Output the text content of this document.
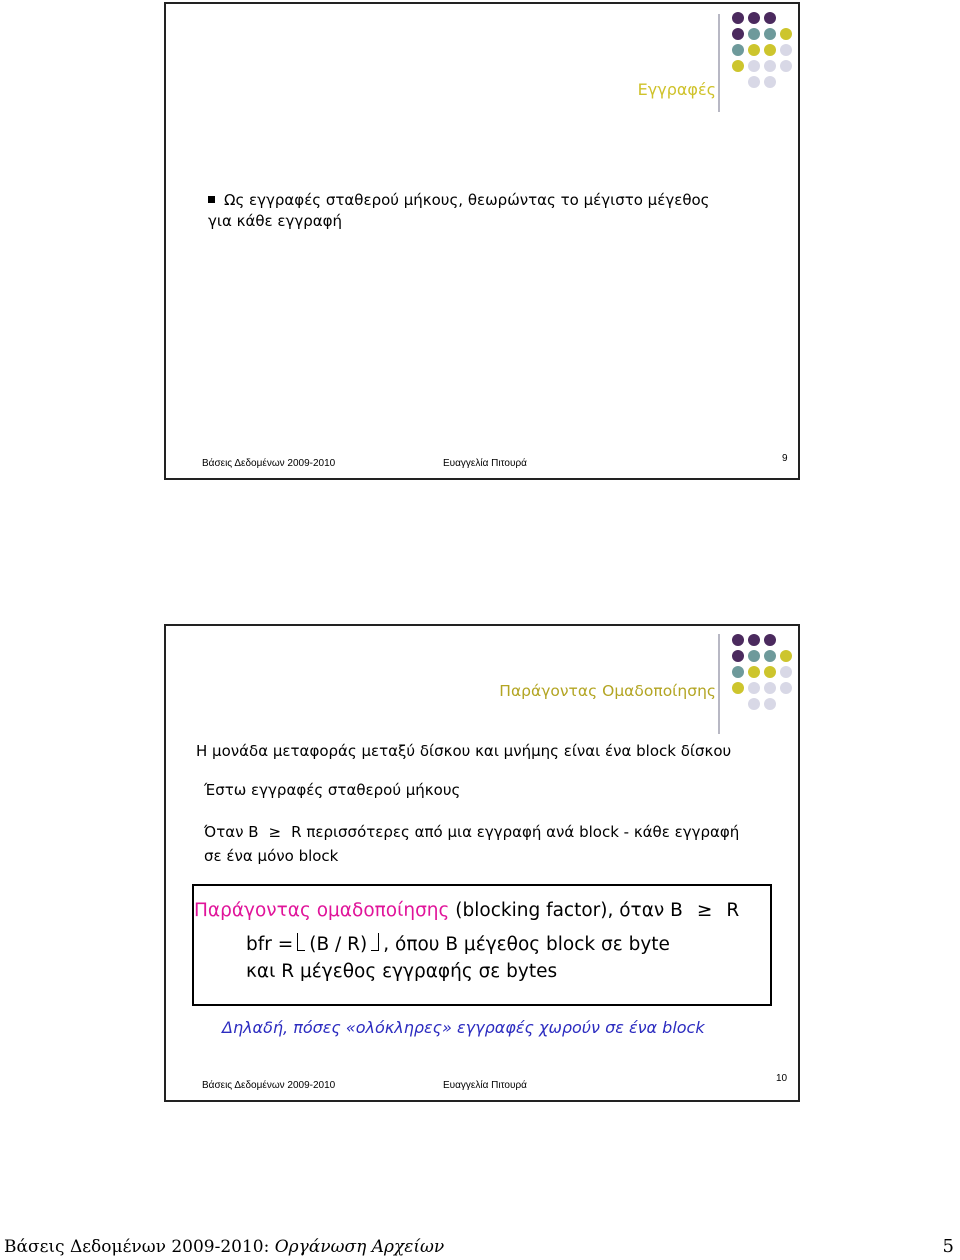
Εγγραφές
Ως εγγραφές σταθερού μήκους, θεωρώντας το μέγιστο μέγεθος
για κάθε εγγραφή
Βάσεις Δεδομένων 2009-2010	Ευαγγελία Πιτουρά	9
Παράγοντας Ομαδοποίησης
Η μονάδα μεταφοράς μεταξύ δίσκου και μνήμης είναι ένα block δίσκου
Έστω εγγραφές σταθερού μήκους
Όταν B ≥ R περισσότερες από μια εγγραφή ανά block - κάθε εγγραφή
σε ένα μόνο block
Παράγοντας ομαδοποίησης (blocking factor), όταν B ≥ R
bfr = (B / R) , όπου B μέγεθος block σε byte
και R μέγεθος εγγραφής σε bytes
Δηλαδή, πόσες «ολόκληρες» εγγραφές χωρούν σε ένα block
Βάσεις Δεδομένων 2009-2010	Ευαγγελία Πιτουρά
10
Βάσεις Δεδομένων 2009-2010: Οργάνωση Αρχείων	5
